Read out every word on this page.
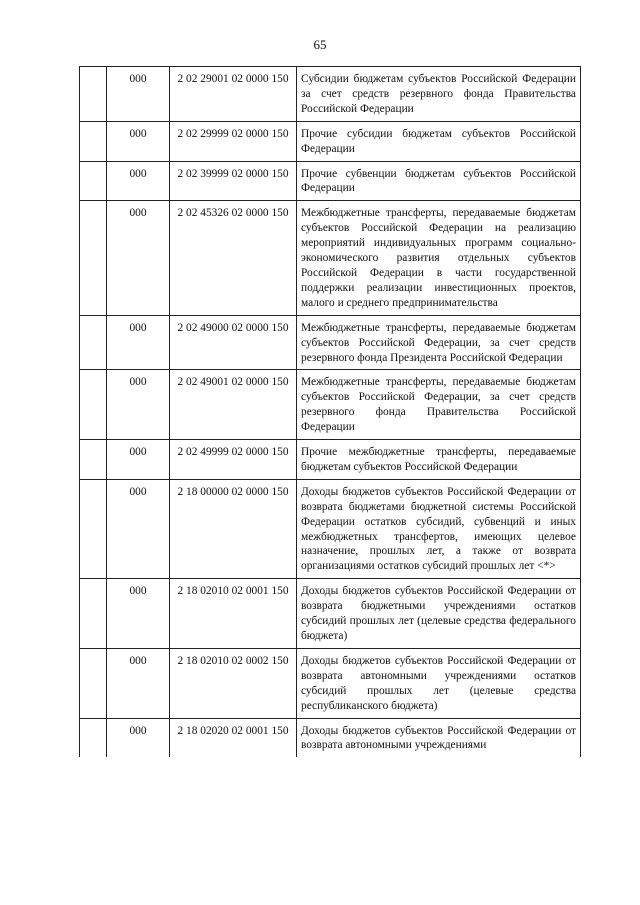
65
	000	2 02 29001 02 0000 150	Субсидии бюджетам субъектов Российской Федерации за счет средств резервного фонда Правительства Российской Федерации
	000	2 02 29999 02 0000 150	Прочие субсидии бюджетам субъектов Российской Федерации
	000	2 02 39999 02 0000 150	Прочие субвенции бюджетам субъектов Российской Федерации
	000	2 02 45326 02 0000 150	Межбюджетные трансферты, передаваемые бюджетам субъектов Российской Федерации на реализацию мероприятий индивидуальных программ социально-экономического развития отдельных субъектов Российской Федерации в части государственной поддержки реализации инвестиционных проектов, малого и среднего предпринимательства
	000	2 02 49000 02 0000 150	Межбюджетные трансферты, передаваемые бюджетам субъектов Российской Федерации, за счет средств резервного фонда Президента Российской Федерации
	000	2 02 49001 02 0000 150	Межбюджетные трансферты, передаваемые бюджетам субъектов Российской Федерации, за счет средств резервного фонда Правительства Российской Федерации
	000	2 02 49999 02 0000 150	Прочие межбюджетные трансферты, передаваемые бюджетам субъектов Российской Федерации
	000	2 18 00000 02 0000 150	Доходы бюджетов субъектов Российской Федерации от возврата бюджетами бюджетной системы Российской Федерации остатков субсидий, субвенций и иных межбюджетных трансфертов, имеющих целевое назначение, прошлых лет, а также от возврата организациями остатков субсидий прошлых лет <*>
	000	2 18 02010 02 0001 150	Доходы бюджетов субъектов Российской Федерации от возврата бюджетными учреждениями остатков субсидий прошлых лет (целевые средства федерального бюджета)
	000	2 18 02010 02 0002 150	Доходы бюджетов субъектов Российской Федерации от возврата автономными учреждениями остатков субсидий прошлых лет (целевые средства республиканского бюджета)
	000	2 18 02020 02 0001 150	Доходы бюджетов субъектов Российской Федерации от возврата автономными учреждениями
